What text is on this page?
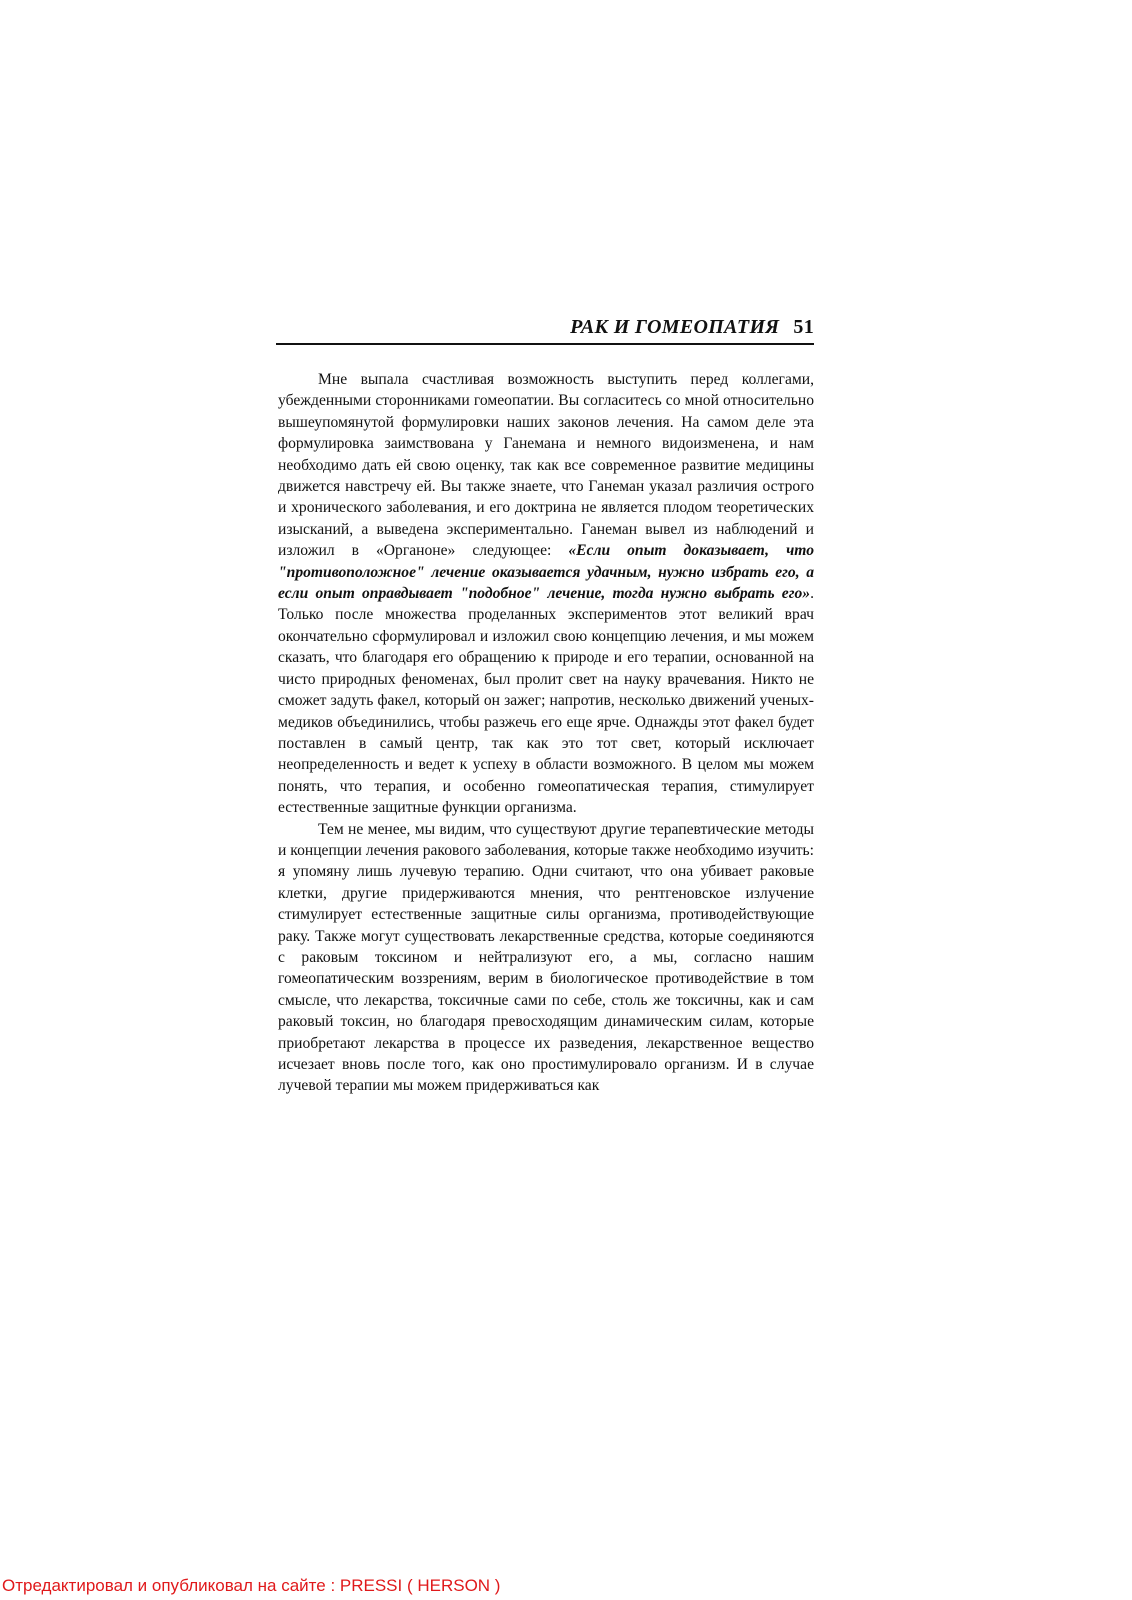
РАК И ГОМЕОПАТИЯ 51

Мне выпала счастливая возможность выступить перед коллегами, убежденными сторонниками гомеопатии. Вы согласитесь со мной относительно вышеупомянутой формулировки наших законов лечения. На самом деле эта формулировка заимствована у Ганемана и немного видоизменена, и нам необходимо дать ей свою оценку, так как все современное развитие медицины движется навстречу ей. Вы также знаете, что Ганеман указал различия острого и хронического заболевания, и его доктрина не является плодом теоретических изысканий, а выведена экспериментально. Ганеман вывел из наблюдений и изложил в «Органоне» следующее: «Если опыт доказывает, что "противоположное" лечение оказывается удачным, нужно избрать его, а если опыт оправдывает "подобное" лечение, тогда нужно выбрать его». Только после множества проделанных экспериментов этот великий врач окончательно сформулировал и изложил свою концепцию лечения, и мы можем сказать, что благодаря его обращению к природе и его терапии, основанной на чисто природных феноменах, был пролит свет на науку врачевания. Никто не сможет задуть факел, который он зажег; напротив, несколько движений ученых-медиков объединились, чтобы разжечь его еще ярче. Однажды этот факел будет поставлен в самый центр, так как это тот свет, который исключает неопределенность и ведет к успеху в области возможного. В целом мы можем понять, что терапия, и особенно гомеопатическая терапия, стимулирует естественные защитные функции организма.

Тем не менее, мы видим, что существуют другие терапевтические методы и концепции лечения ракового заболевания, которые также необходимо изучить: я упомяну лишь лучевую терапию. Одни считают, что она убивает раковые клетки, другие придерживаются мнения, что рентгеновское излучение стимулирует естественные защитные силы организма, противодействующие раку. Также могут существовать лекарственные средства, которые соединяются с раковым токсином и нейтрализуют его, а мы, согласно нашим гомеопатическим воззрениям, верим в биологическое противодействие в том смысле, что лекарства, токсичные сами по себе, столь же токсичны, как и сам раковый токсин, но благодаря превосходящим динамическим силам, которые приобретают лекарства в процессе их разведения, лекарственное вещество исчезает вновь после того, как оно простимулировало организм. И в случае лучевой терапии мы можем придерживаться как

Отредактировал и опубликовал на сайте : PRESSI ( HERSON )
